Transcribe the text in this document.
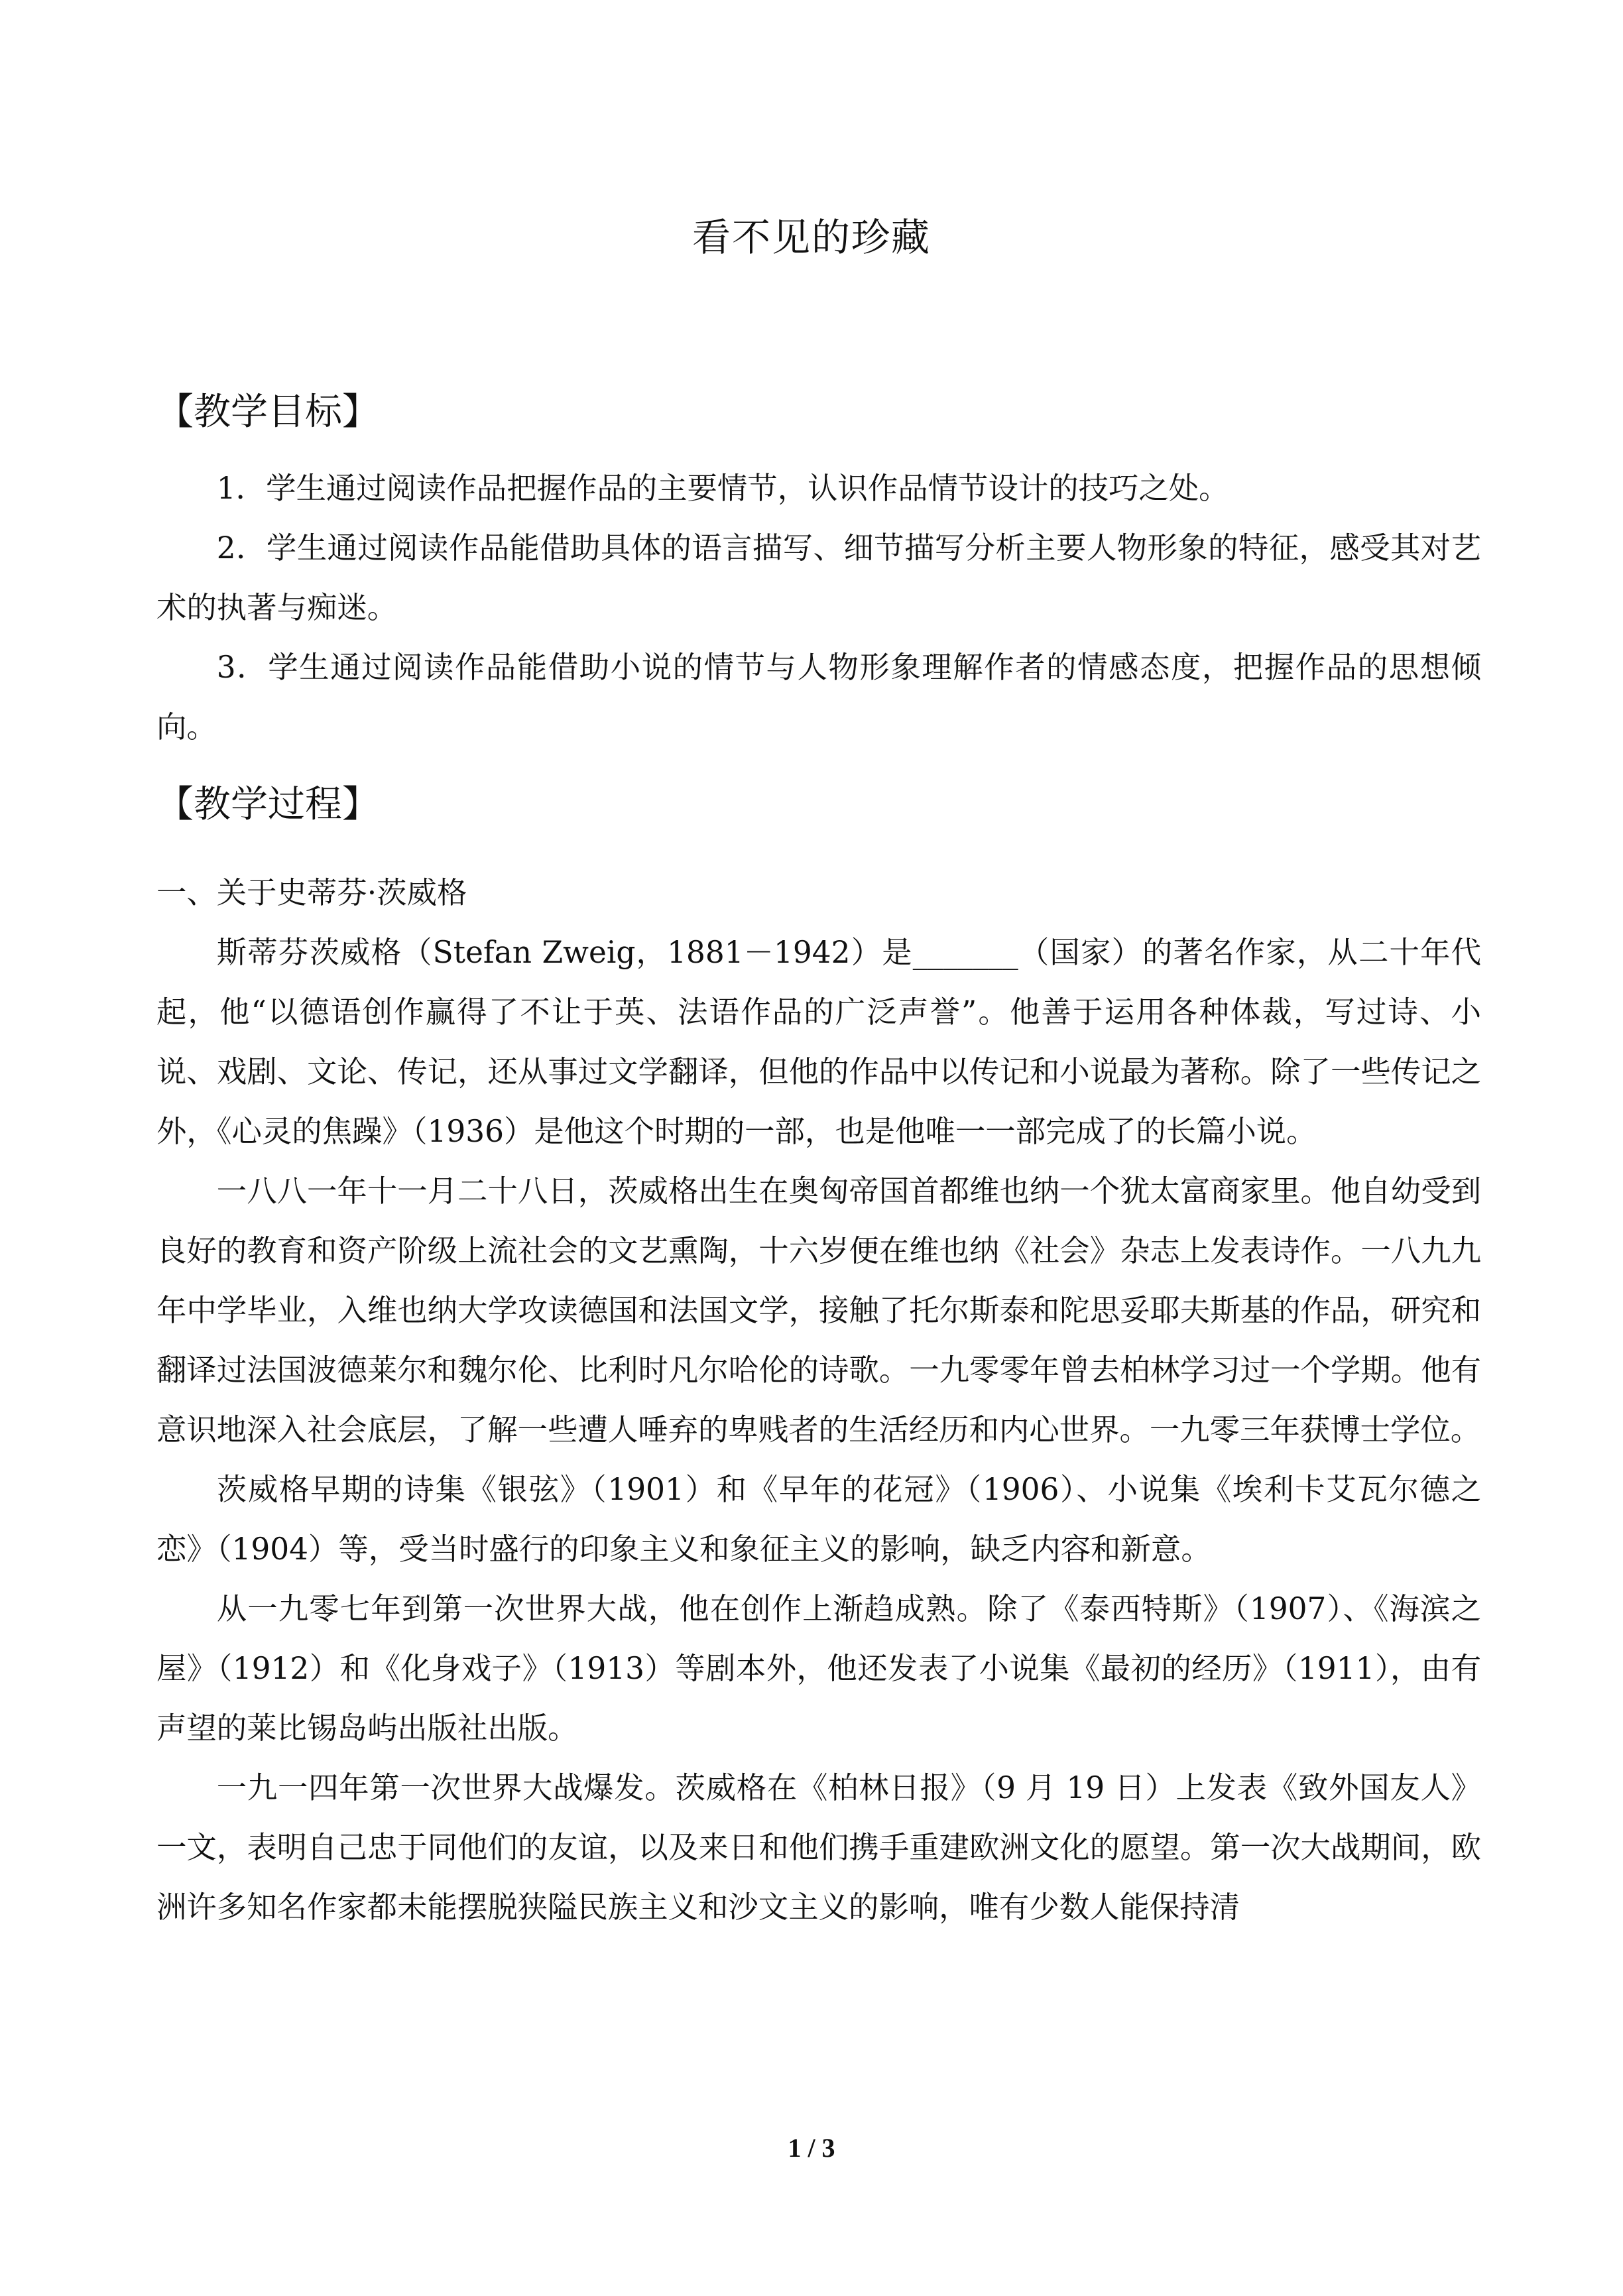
看不见的珍藏
【教学目标】

1．学生通过阅读作品把握作品的主要情节，认识作品情节设计的技巧之处。

2．学生通过阅读作品能借助具体的语言描写、细节描写分析主要人物形象的特征，感受其对艺术的执著与痴迷。

3．学生通过阅读作品能借助小说的情节与人物形象理解作者的情感态度，把握作品的思想倾向。

【教学过程】

一、关于史蒂芬·茨威格

斯蒂芬茨威格（Stefan Zweig，1881－1942）是_______（国家）的著名作家，从二十年代起，他“以德语创作赢得了不让于英、法语作品的广泛声誉”。他善于运用各种体裁，写过诗、小说、戏剧、文论、传记，还从事过文学翻译，但他的作品中以传记和小说最为著称。除了一些传记之外，《心灵的焦躁》（1936）是他这个时期的一部，也是他唯一一部完成了的长篇小说。

一八八一年十一月二十八日，茨威格出生在奥匈帝国首都维也纳一个犹太富商家里。他自幼受到良好的教育和资产阶级上流社会的文艺熏陶，十六岁便在维也纳《社会》杂志上发表诗作。一八九九年中学毕业，入维也纳大学攻读德国和法国文学，接触了托尔斯泰和陀思妥耶夫斯基的作品，研究和翻译过法国波德莱尔和魏尔伦、比利时凡尔哈伦的诗歌。一九零零年曾去柏林学习过一个学期。他有意识地深入社会底层，了解一些遭人唾弃的卑贱者的生活经历和内心世界。一九零三年获博士学位。

茨威格早期的诗集《银弦》（1901）和《早年的花冠》（1906）、小说集《埃利卡艾瓦尔德之恋》（1904）等，受当时盛行的印象主义和象征主义的影响，缺乏内容和新意。

从一九零七年到第一次世界大战，他在创作上渐趋成熟。除了《泰西特斯》（1907）、《海滨之屋》（1912）和《化身戏子》（1913）等剧本外，他还发表了小说集《最初的经历》（1911），由有声望的莱比锡岛屿出版社出版。

一九一四年第一次世界大战爆发。茨威格在《柏林日报》（9 月 19 日）上发表《致外国友人》一文，表明自己忠于同他们的友谊，以及来日和他们携手重建欧洲文化的愿望。第一次大战期间，欧洲许多知名作家都未能摆脱狭隘民族主义和沙文主义的影响，唯有少数人能保持清

1 / 3
